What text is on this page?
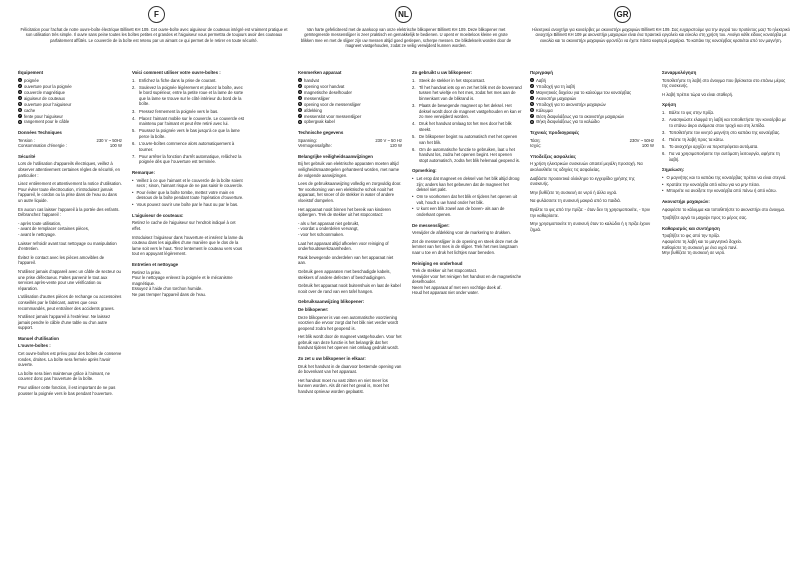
F	NL	GR
Félicitation pour l’achat de notre ouvre-boîte électrique Billinett KH 109. Cet ouvre-boîte avec aiguiseur de couteaux intégré est vraiment pratique et son utilisation très simple. Il ouvre sans peine toutes les boîtes petites et grandes et l’aiguiseur vous permettra de toujours avoir des couteaux parfaitement affûtés. Le couvercle de la boîte est retenu par un aimant ce qui permet de le retirer en toute sécurité.
Van harte gefeliciteerd met de aankoop van onze elektrische blikopener Billinett KH 109. Deze blikopener met geïntegreerde messenslijper is zeer praktisch en gemakkelijk te bedienen. U opent er moeiteloos kleine en grote blikken mee en met de slijper zijn uw messen altijd goed geslepen, scherpe messen. De blikdeksels worden door de magneet vastgehouden, zodat ze veilig verwijderd kunnen worden.
Ηλεκτρικό ανοιχτήρι για κονσέρβες με ακονιστήρι μαχαιριών Billinett KH 109. Σας ευχαριστούμε για την αγορά του προϊόντος μας! Το ηλεκτρικό ανοιχτήρι Billinett KH 109 με ακονιστήρι μαχαιριών είναι ένα πρακτικό εργαλείο και εύκολο στη χρήση του. Ανοίγει κάθε είδους κονσέρβα με ευκολία και το ακονιστήρι μαχαιριών φροντίζει να έχετε πάντα κοφτερά μαχαίρια. Το καπάκι της κονσέρβας κρατιέται από τον μαγνήτη.
Équipement
1 poignée
2 ouverture pour la poignée
3 couvercle magnétique
4 aiguiseur de couteaux
5 ouverture pour l’aiguiseur
6 cache
7 fente pour l’aiguiseur
8 rangement pour le câble
Données Techniques
Tension :	230 V ~ 50Hz
Consommation d’énergie :	100 W
Sécurité
Lors de l’utilisation d’appareils électriques, veillez à observer attentivement certaines règles de sécurité, en particulier :
Lisez entièrement et attentivement la notice d’utilisation. Pour éviter toute électrocution, n’introduisez jamais l’appareil, le cordon ou la prise dans de l’eau ou dans un autre liquide.
En aucun cas laisser l’appareil à la portée des enfants. Débranchez l’appareil :
- après toute utilisation,
- avant de remplacer certaines pièces,
- avant le nettoyage.
Laisser refroidir avant tout nettoyage ou manipulation d’entretien.
Évitez le contact avec les pièces amovibles de l’appareil.
N’utilisez jamais d’appareil avec un câble de secteur ou une prise défectueux. Faites parvenir le tout aux services après-vente pour une vérification ou réparation.
L’utilisation d’autres pièces de rechange ou accessoires conseillés par le fabricant, autres que ceux recommandés, peut entraîner des accidents graves.
N’utilisez jamais l’appareil à l’extérieur. Ne laissez jamais pendre le câble d’une table ou d’un autre support.
Manuel d’utilisation
L’ouvre-boîtes :
Cet ouvre-boîtes est prévu pour des boîtes de conserve rondes, droites. La boîte sera fermée après l’avoir ouverte.
La boîte sera bien maintenue grâce à l’aimant, ne couvrez donc pas l’ouverture de la boîte.
Pour utiliser cette fonction, il est important de ne pas pousser la poignée vers le bas pendant l’ouverture.
Voici comment utiliser votre ouvre-boîtes :
1. Enfichez la fiche dans la prise de courant.
2. Soulevez la poignée légèrement et placez la boîte, avec le bord supérieur, entre la petite roue et la lame de sorte que la lame se trouve sur le côté intérieur du bord de la boîte.
3. Pressez fermement la poignée vers le bas.
4. Placez l’aimant mobile sur le couvercle. Le couvercle est maintenu par l’aimant et peut être retiré avec lui.
5. Poussez la poignée vers le bas jusqu’à ce que la lame perce la boîte.
6. L’ouvre-boîtes commence alors automatiquement à tourner.
7. Pour arrêter la fonction d’arrêt automatique, relâchez la poignée dès que l’ouverture est terminée.
Remarque:
• Veillez à ce que l’aimant et le couvercle de la boîte soient secs ; sinon, l’aimant risque de ne pas saisir le couvercle.
• Pour éviter que la boîte tombe, mettez votre main en dessous de la boîte pendant toute l’opération d’ouverture.
• Vous pouvez ouvrir une boîte par le haut ou par le bas.
L’aiguiseur de couteaux:
Retirez le cache de l’aiguiseur sur l’endroit indiqué à cet effet.
Introduisez l’aiguiseur dans l’ouverture et insérez la lame du couteau dans les aiguilles d’une manière que le dos de la lame soit vers le haut. Tirez lentement le couteau vers vous tout en appuyant légèrement.
Entretien et nettoyage
Retirez la prise.
Pour le nettoyage enlevez la poignée et le mécanisme magnétique.
Essuyez à l’aide d’un torchon humide.
Ne pas tremper l’appareil dans de l’eau.
Kenmerken apparaat
1 handvat
2 opening voor handvat
3 magnetische deselhouder
4 messenslijper
5 opening voor de messenslijper
6 afdekking
7 messenslot voor messenslijper
8 opbergvak kabel
Technische gegevens
Spanning:	230 V ~ 50 Hz
Vermogensafgifte:	120 W
Belangrijke veiligheidsaanwijzingen
Bij het gebruik van elektrische apparaten moeten altijd veiligheidsmaatregelen gehanteerd worden, met name de volgende aanwijzingen.
Lees de gebruiksaanwijzing volledig en zorgvuldig door. Ter voorkoming van een elektrische schok nooit het apparaat, het snoer of de stekker in water of andere vloeistof dompelen.
Het apparaat nooit binnen het bereik van kinderen opbergen. Trek de stekker uit het stopcontact:
- als u het apparaat niet gebruikt,
- voordat u onderdelen vervangt,
- voor het schoonmaken.
Laat het apparaat altijd afkoelen voor reiniging of onderhoudswerkzaamheden.
Raak bewegende onderdelen van het apparaat niet aan.
Gebruik geen apparaten met beschadigde kabels, stekkers of andere defecten of beschadigingen.
Gebruik het apparaat nooit buitenshuis en laat de kabel nooit over de rand van een tafel hangen.
Gebruiksaanwijzing blikopener:
De blikopener:
Deze blikopener is van een automatische voorziening voorzien die ervoor zorgt dat het blik niet verder wordt geopend zodra het geopend is.
Het blik wordt door de magneet vastgehouden. Voor het gebruik van deze functie is het belangrijk dat het handvat tijdens het openen niet omlaag gedrukt wordt.
Zo zet u uw blikopener in elkaar:
Druk het handvat in de daarvoor bestemde opening van de bovenkant van het apparaat.
Het handvat moet nu vast zitten en niet meer los kunnen worden. Als dit niet het geval is, moet het handvat opnieuw worden geplaatst.
Zo gebruikt u uw blikopener:
1. Steek de stekker in het stopcontact.
2. Til het handvat iets op en zet het blik met de bovenrand tussen het wieltje en het mes, zodat het mes aan de binnenkant van de blikrand is.
3. Plaats de bewegende magneet op het deksel. Het deksel wordt door de magneet vastgehouden en kan er zo mee verwijderd worden.
4. Druk het handvat omlaag tot het mes door het blik steekt.
5. De blikopener begint nu automatisch met het openen van het blik.
6. Om de automatische functie te gebruiken, laat u het handvat los, zodra het openen begint. Het openen stopt automatisch, zodra het blik helemaal geopend is.
Opmerking:
• Let erop dat magneet en deksel van het blik altijd droog zijn; anders kan het gebeuren dat de magneet het deksel niet pakt.
• Om te voorkomen dat het blik er tijdens het openen uit valt, houdt u uw hand onder het blik.
• U kunt een blik zowel aan de boven- als aan de onderkant openen.
De messenslijper:
Verwijder de afdekking voor de markering te drukken.
Zet de messenslijper in de opening en steek deze met de lemmet van het mes in de slijper. Trek het mes langzaam naar u toe en druk het lichtjes naar beneden.
Reiniging en onderhoud
Trek de stekker uit het stopcontact.
Verwijder voor het reinigen het handvat en de magnetische deselhouder.
Neem het apparaat af met een vochtige doek af.
Houd het apparaat niet onder water.
Περιγραφή
1 Λαβή
2 Υποδοχή για τη λαβή
3 Μαγνητικός δοχείου για το καλούμμι του κονσέρβας
4 Ακονιστήρι μαχαιριών
5 Υποδοχή για το ακονιστήρι μαχαιριών
6 Κάλυμμα
7 Θέση διαφυλάξεως για το ακονιστήρι μαχαιριών
8 Θήκη διαφυλάξεως για το καλώδιο
Τεχνικές προδιαγραφές
Τάση:	230V ~ 50Hz
Ισχύς:	100 W
Υποδείξεις ασφαλείας
Η χρήση ηλεκτρικών συσκευών απαιτεί μεγάλη προσοχή. Να ακολουθείτε τις οδηγίες τις ασφαλείας.
Διαβάστε προσεκτικά ολόκληρο το εγχειρίδιο χρήσης της συσκευής.
Μην βυθίζετε τη συσκευή σε νερό ή άλλα υγρά.
Να φυλάσσετε τη συσκευή μακριά από τα παιδιά.
Βγάλτε το φις από την πρίζα: - όταν δεν τη χρησιμοποιείτε, - πριν την καθαρίσετε.
Μην χρησιμοποιείτε τη συσκευή όταν το καλώδιο ή η πρίζα έχουν ζημιά.
Συναρμολόγηση
Τοποθετήστε τη λαβή στο άνοιγμα που βρίσκεται στο επάνω μέρος της συσκευής.
Η λαβή πρέπει τώρα να είναι σταθερή.
Χρήση
1. Βάλτε το φις στην πρίζα.
2. Ανασηκώστε ελαφρά τη λαβή και τοποθετήστε την κονσέρβα με το επάνω άκρο ανάμεσα στον τροχό και στη λεπίδα.
3. Τοποθετήστε τον κινητό μαγνήτη στο καπάκι της κονσέρβας.
4. Πιέστε τη λαβή προς τα κάτω.
5. Το ανοιχτήρι αρχίζει να περιστρέφεται αυτόματα.
6. Για να χρησιμοποιήσετε την αυτόματη λειτουργία, αφήστε τη λαβή.
Σημείωση:
• Ο μαγνήτης και το καπάκι της κονσέρβας πρέπει να είναι στεγνά.
• Κρατάτε την κονσέρβα από κάτω για να μην πέσει.
• Μπορείτε να ανοίξετε την κονσέρβα από πάνω ή από κάτω.
Ακονιστήρι μαχαιριών:
Αφαιρέστε το κάλυμμα και τοποθετήστε το ακονιστήρι στο άνοιγμα.
Τραβήξτε αργά το μαχαίρι προς το μέρος σας.
Καθαρισμός και συντήρηση
Τραβήξτε το φις από την πρίζα.
Αφαιρέστε τη λαβή και το μαγνητικό δοχείο.
Καθαρίστε τη συσκευή με ένα υγρό πανί.
Μην βυθίζετε τη συσκευή σε νερό.
